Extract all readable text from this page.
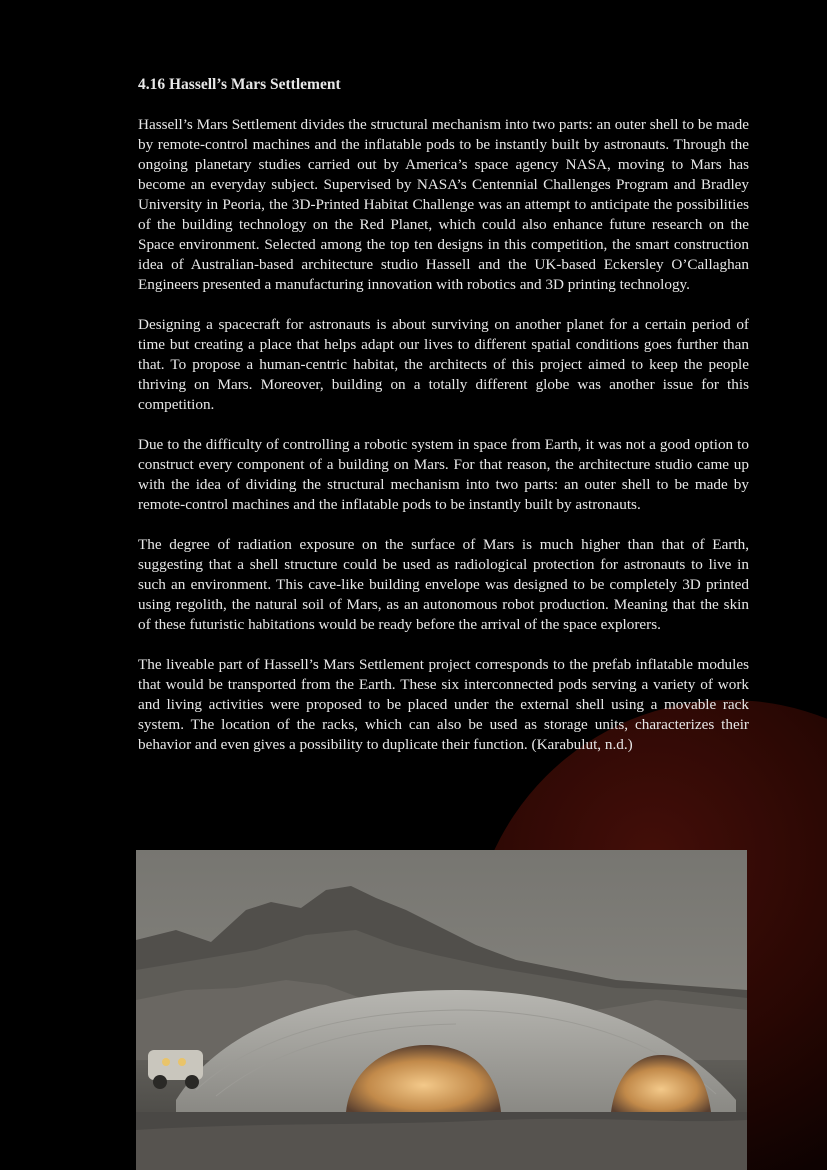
4.16 Hassell’s Mars Settlement

Hassell’s Mars Settlement divides the structural mechanism into two parts: an outer shell to be made by remote-control machines and the inflatable pods to be instantly built by astronauts. Through the ongoing planetary studies carried out by America’s space agency NASA, moving to Mars has become an everyday subject. Supervised by NASA’s Centennial Challenges Program and Bradley University in Peoria, the 3D-Printed Habitat Challenge was an attempt to anticipate the possibilities of the building technology on the Red Planet, which could also enhance future research on the Space environment. Selected among the top ten designs in this competition, the smart construction idea of Australian-based architecture studio Hassell and the UK-based Eckersley O’Callaghan Engineers presented a manufacturing innovation with robotics and 3D printing technology.

Designing a spacecraft for astronauts is about surviving on another planet for a certain period of time but creating a place that helps adapt our lives to different spatial conditions goes further than that. To propose a human-centric habitat, the architects of this project aimed to keep the people thriving on Mars. Moreover, building on a totally different globe was another issue for this competition.

Due to the difficulty of controlling a robotic system in space from Earth, it was not a good option to construct every component of a building on Mars. For that reason, the architecture studio came up with the idea of dividing the structural mechanism into two parts: an outer shell to be made by remote-control machines and the inflatable pods to be instantly built by astronauts.

The degree of radiation exposure on the surface of Mars is much higher than that of Earth, suggesting that a shell structure could be used as radiological protection for astronauts to live in such an environment. This cave-like building envelope was designed to be completely 3D printed using regolith, the natural soil of Mars, as an autonomous robot production. Meaning that the skin of these futuristic habitations would be ready before the arrival of the space explorers.

The liveable part of Hassell’s Mars Settlement project corresponds to the prefab inflatable modules that would be transported from the Earth. These six interconnected pods serving a variety of work and living activities were proposed to be placed under the external shell using a movable rack system. The location of the racks, which can also be used as storage units, characterizes their behavior and even gives a possibility to duplicate their function. (Karabulut, n.d.)
